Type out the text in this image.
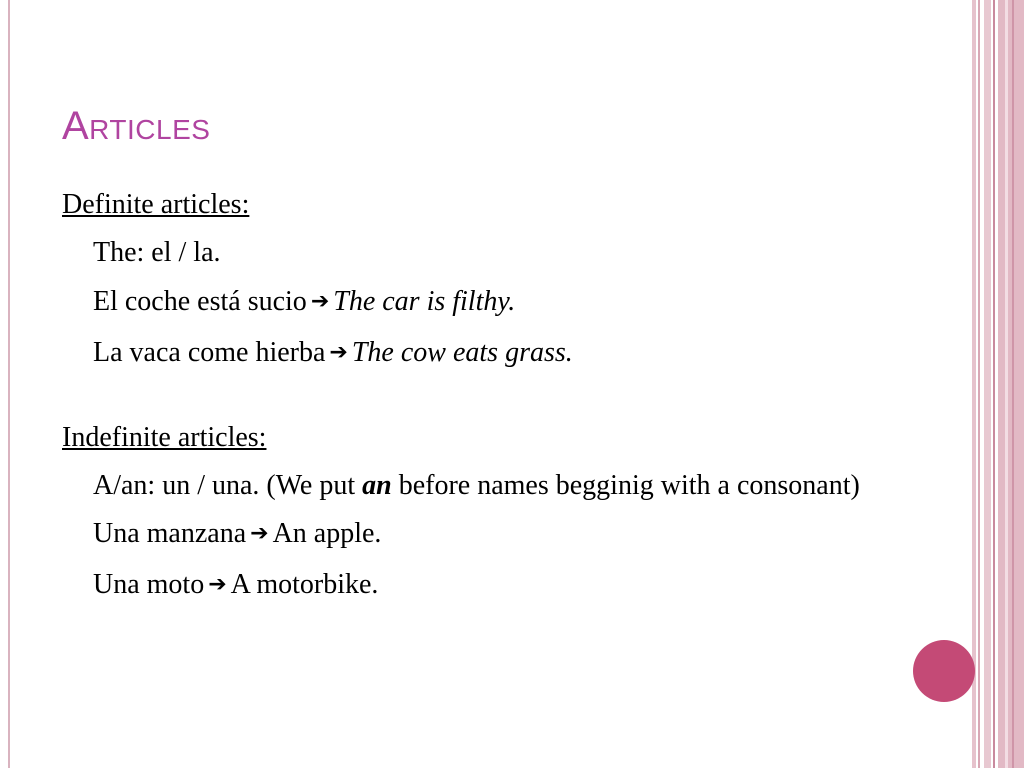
Articles

Definite articles:

The: el / la.

El coche está sucio ➔ The car is filthy.

La vaca come hierba ➔ The cow eats grass.

Indefinite articles:

A/an: un / una. (We put an before names begginig with a consonant)

Una manzana ➔ An apple.

Una moto ➔ A motorbike.
